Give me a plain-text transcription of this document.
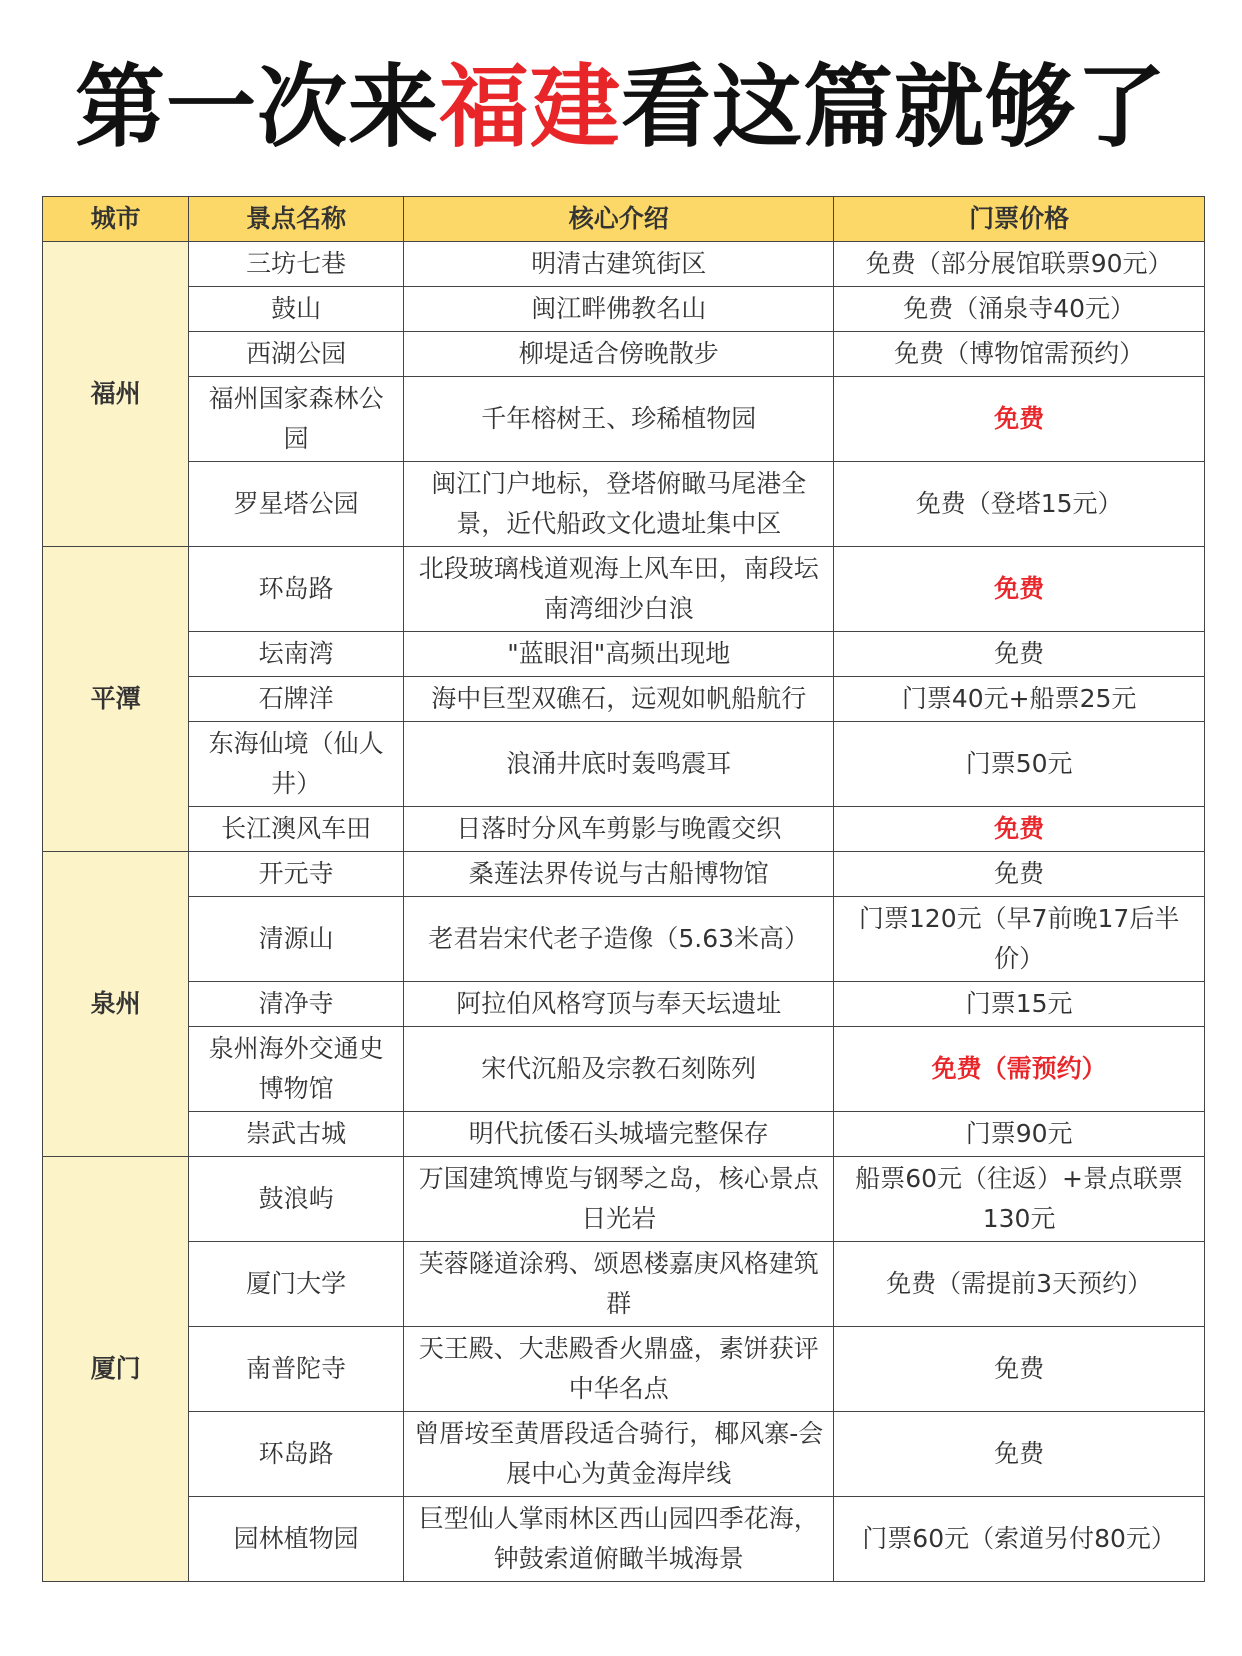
第一次来福建看这篇就够了
城市	景点名称	核心介绍	门票价格
福州	三坊七巷	明清古建筑街区	免费（部分展馆联票90元）
	鼓山	闽江畔佛教名山	免费（涌泉寺40元）
	西湖公园	柳堤适合傍晚散步	免费（博物馆需预约）
	福州国家森林公园	千年榕树王、珍稀植物园	免费
	罗星塔公园	闽江门户地标，登塔俯瞰马尾港全景，近代船政文化遗址集中区	免费（登塔15元）
平潭	环岛路	北段玻璃栈道观海上风车田，南段坛南湾细沙白浪	免费
	坛南湾	"蓝眼泪"高频出现地	免费
	石牌洋	海中巨型双礁石，远观如帆船航行	门票40元+船票25元
	东海仙境（仙人井）	浪涌井底时轰鸣震耳	门票50元
	长江澳风车田	日落时分风车剪影与晚霞交织	免费
泉州	开元寺	桑莲法界传说与古船博物馆	免费
	清源山	老君岩宋代老子造像（5.63米高）	门票120元（早7前晚17后半价）
	清净寺	阿拉伯风格穹顶与奉天坛遗址	门票15元
	泉州海外交通史博物馆	宋代沉船及宗教石刻陈列	免费（需预约）
	崇武古城	明代抗倭石头城墙完整保存	门票90元
厦门	鼓浪屿	万国建筑博览与钢琴之岛，核心景点日光岩	船票60元（往返）+景点联票130元
	厦门大学	芙蓉隧道涂鸦、颂恩楼嘉庚风格建筑群	免费（需提前3天预约）
	南普陀寺	天王殿、大悲殿香火鼎盛，素饼获评中华名点	免费
	环岛路	曾厝垵至黄厝段适合骑行，椰风寨-会展中心为黄金海岸线	免费
	园林植物园	巨型仙人掌雨林区西山园四季花海，钟鼓索道俯瞰半城海景	门票60元（索道另付80元）
